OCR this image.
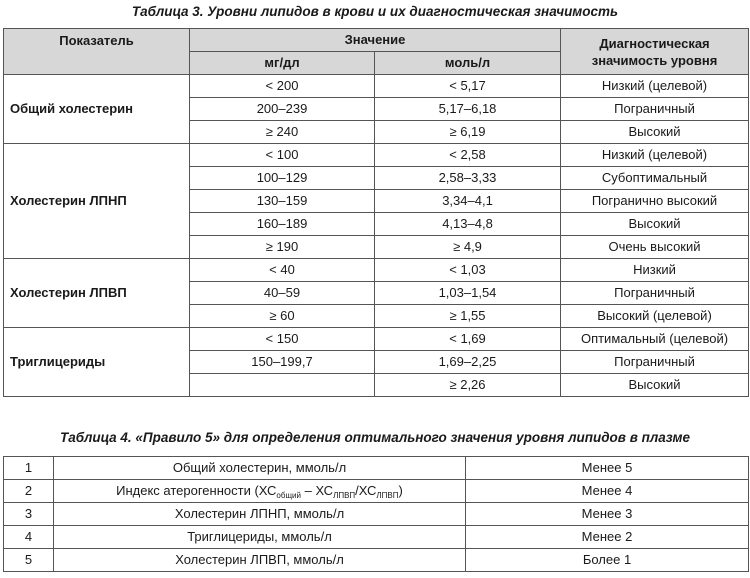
Таблица 3. Уровни липидов в крови и их диагностическая значимость
Показатель	Значение		Диагностическая
значимость уровня
	мг/дл	моль/л	
Общий холестерин	< 200	< 5,17	Низкий (целевой)
	200–239	5,17–6,18	Пограничный
	≥ 240	≥ 6,19	Высокий
Холестерин ЛПНП	< 100	< 2,58	Низкий (целевой)
	100–129	2,58–3,33	Субоптимальный
	130–159	3,34–4,1	Погранично высокий
	160–189	4,13–4,8	Высокий
	≥ 190	≥ 4,9	Очень высокий
Холестерин ЛПВП	< 40	< 1,03	Низкий
	40–59	1,03–1,54	Пограничный
	≥ 60	≥ 1,55	Высокий (целевой)
Триглицериды	< 150	< 1,69	Оптимальный (целевой)
	150–199,7	1,69–2,25	Пограничный
		≥ 2,26	Высокий
Таблица 4. «Правило 5» для определения оптимального значения уровня липидов в плазме
1	Общий холестерин, ммоль/л	Менее 5
2	Индекс атерогенности $(ХС_{общий} - ХС_{ЛПВП}/ХС_{ЛПВП})$	Менее 4
3	Холестерин ЛПНП, ммоль/л	Менее 3
4	Триглицериды, ммоль/л	Менее 2
5	Холестерин ЛПВП, ммоль/л	Более 1
